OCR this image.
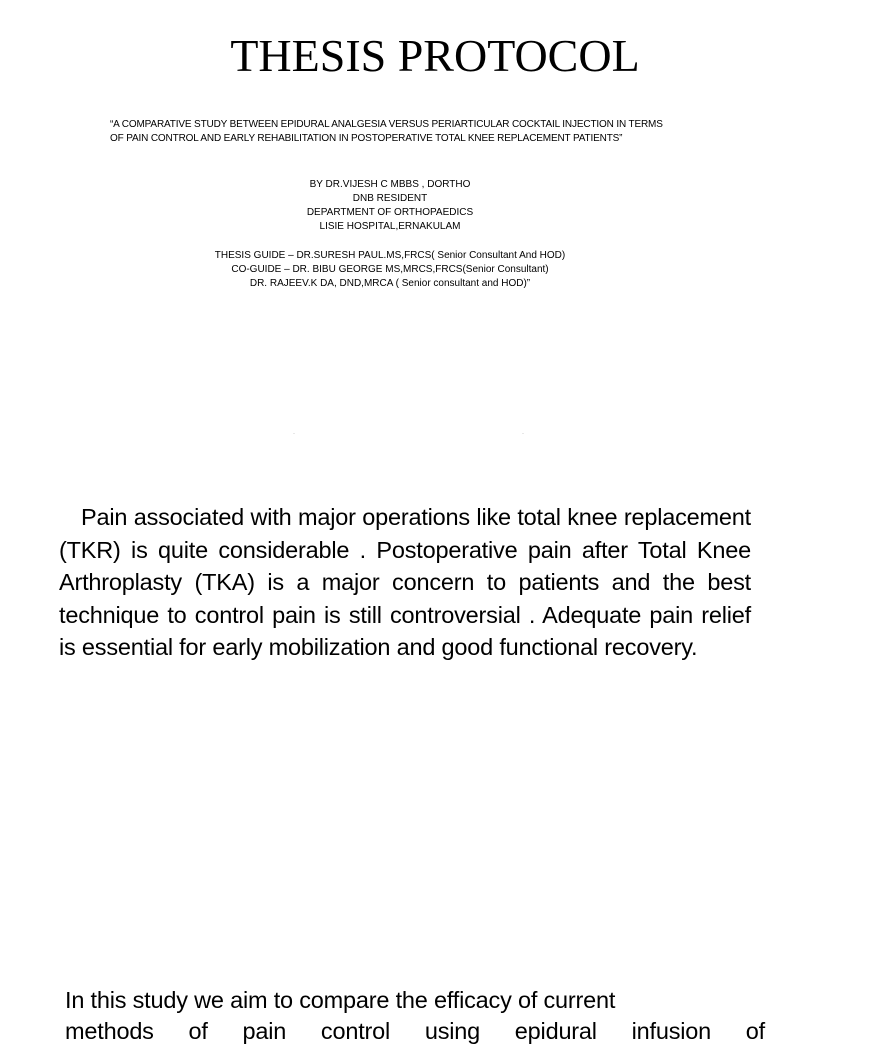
THESIS PROTOCOL
“A COMPARATIVE STUDY BETWEEN EPIDURAL ANALGESIA VERSUS PERIARTICULAR COCKTAIL INJECTION IN TERMS
OF PAIN CONTROL AND EARLY REHABILITATION IN POSTOPERATIVE TOTAL KNEE REPLACEMENT PATIENTS”
BY DR.VIJESH C MBBS , DORTHO
DNB RESIDENT
DEPARTMENT OF ORTHOPAEDICS
LISIE HOSPITAL,ERNAKULAM
THESIS GUIDE – DR.SURESH PAUL.MS,FRCS( Senior Consultant And HOD)
CO-GUIDE – DR. BIBU GEORGE MS,MRCS,FRCS(Senior Consultant)
DR. RAJEEV.K DA, DND,MRCA ( Senior consultant and HOD)”

Pain associated with major operations like total knee replacement (TKR) is quite considerable . Postoperative pain after Total Knee Arthroplasty (TKA) is a major concern to patients and the best technique to control pain is still controversial . Adequate pain relief is essential for early mobilization and good functional recovery.

In this study we aim to compare the efficacy of current
methods of pain control using epidural infusion of
